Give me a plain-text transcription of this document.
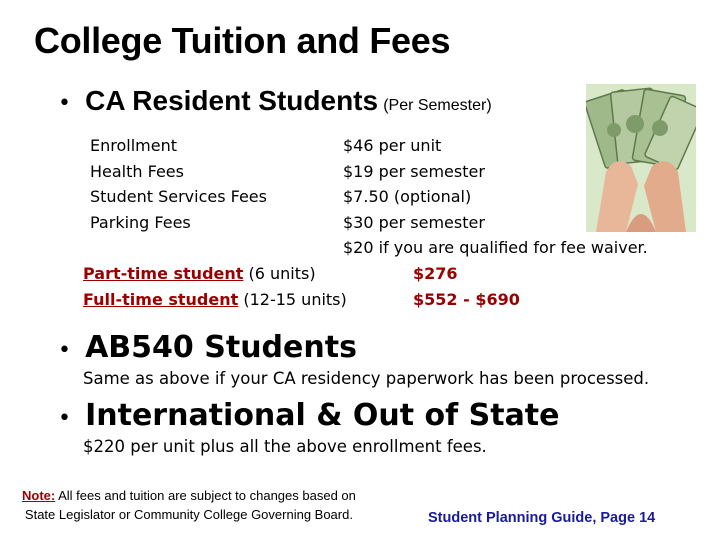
College Tuition and Fees
• CA Resident Students (Per Semester)
Enrollment
Health Fees
Student Services Fees
Parking Fees
$46 per unit
$19 per semester
$7.50 (optional)
$30 per semester
$20 if you are qualified for fee waiver.
Part-time student (6 units)
Full-time student (12-15 units)
$276
$552 - $690
• AB540 Students
Same as above if your CA residency paperwork has been processed.
• International & Out of State
$220 per unit plus all the above enrollment fees.
Note: All fees and tuition are subject to changes based on
State Legislator or Community College Governing Board.	Student Planning Guide, Page 14
